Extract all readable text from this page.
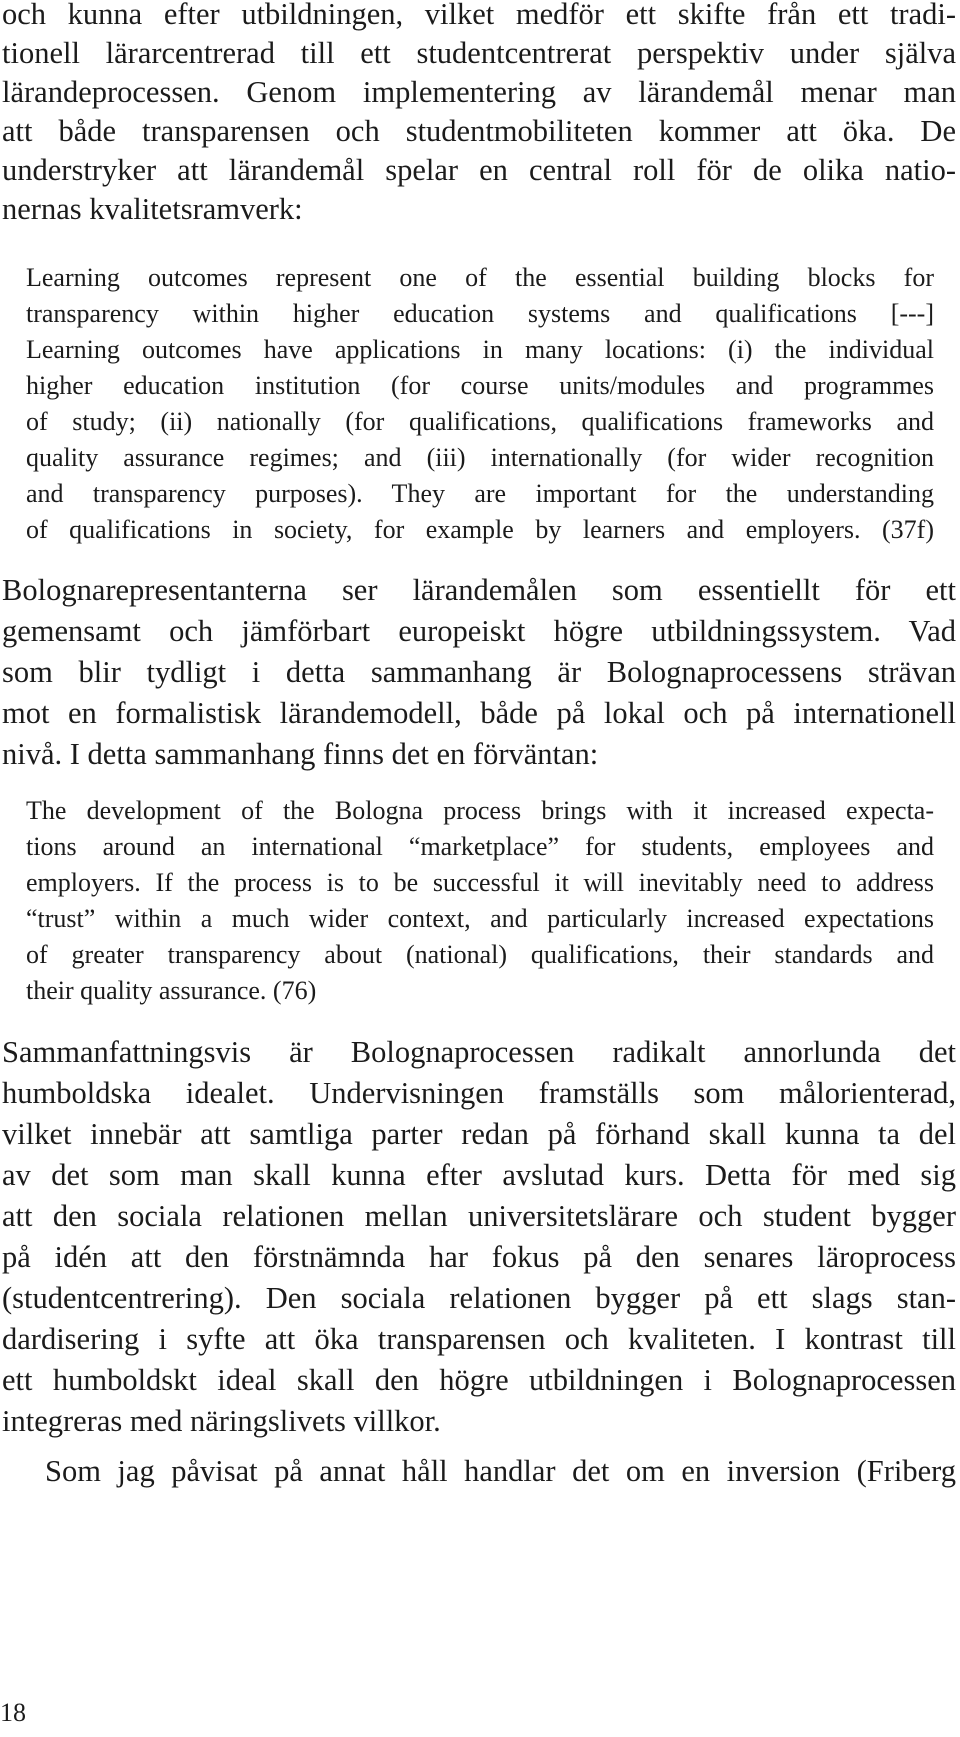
och kunna efter utbildningen, vilket medför ett skifte från ett tradi-
tionell lärarcentrerad till ett studentcentrerat perspektiv under själva
lärandeprocessen. Genom implementering av lärandemål menar man
att både transparensen och studentmobiliteten kommer att öka. De
understryker att lärandemål spelar en central roll för de olika natio-
nernas kvalitetsramverk:
Learning outcomes represent one of the essential building blocks for
transparency within higher education systems and qualifications [---]
Learning outcomes have applications in many locations: (i) the individual
higher education institution (for course units/modules and programmes
of study; (ii) nationally (for qualifications, qualifications frameworks and
quality assurance regimes; and (iii) internationally (for wider recognition
and transparency purposes). They are important for the understanding
of qualifications in society, for example by learners and employers. (37f)
Bolognarepresentanterna ser lärandemålen som essentiellt för ett
gemensamt och jämförbart europeiskt högre utbildningssystem. Vad
som blir tydligt i detta sammanhang är Bolognaprocessens strävan
mot en formalistisk lärandemodell, både på lokal och på internationell
nivå. I detta sammanhang finns det en förväntan:
The development of the Bologna process brings with it increased expecta-
tions around an international “marketplace” for students, employees and
employers. If the process is to be successful it will inevitably need to address
“trust” within a much wider context, and particularly increased expectations
of greater transparency about (national) qualifications, their standards and
their quality assurance. (76)
Sammanfattningsvis är Bolognaprocessen radikalt annorlunda det
humboldska idealet. Undervisningen framställs som målorienterad,
vilket innebär att samtliga parter redan på förhand skall kunna ta del
av det som man skall kunna efter avslutad kurs. Detta för med sig
att den sociala relationen mellan universitetslärare och student bygger
på idén att den förstnämnda har fokus på den senares läroprocess
(studentcentrering). Den sociala relationen bygger på ett slags stan-
dardisering i syfte att öka transparensen och kvaliteten. I kontrast till
ett humboldskt ideal skall den högre utbildningen i Bolognaprocessen
integreras med näringslivets villkor.
Som jag påvisat på annat håll handlar det om en inversion (Friberg
18
